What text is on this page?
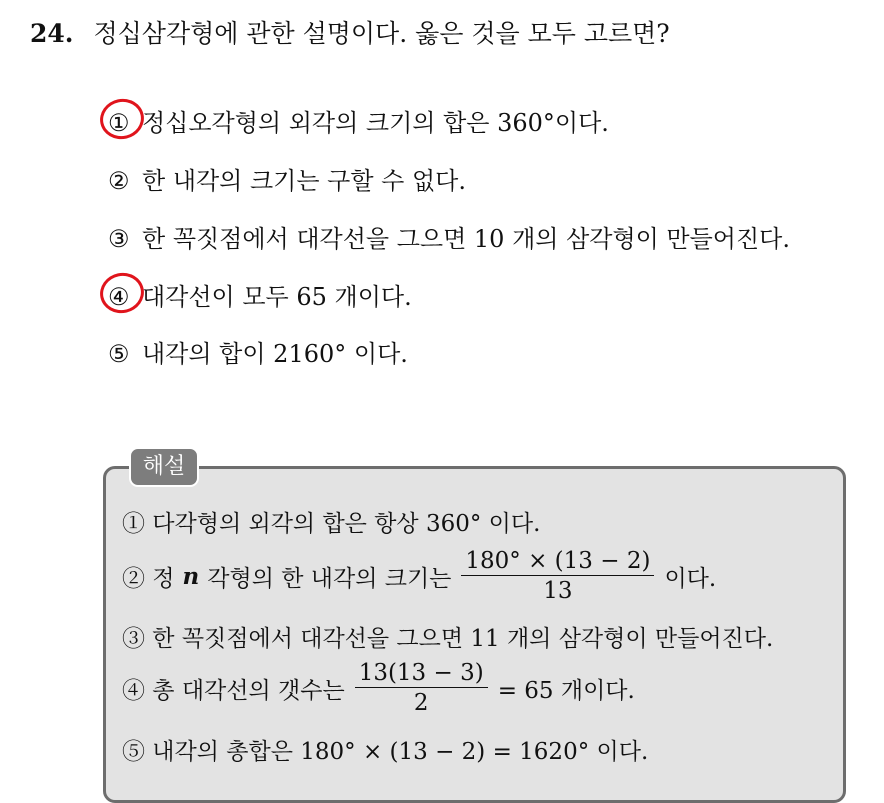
24. 정십삼각형에 관한 설명이다. 옳은 것을 모두 고르면?
① 정십오각형의 외각의 크기의 합은 360°이다.
② 한 내각의 크기는 구할 수 없다.
③ 한 꼭짓점에서 대각선을 그으면 10 개의 삼각형이 만들어진다.
④ 대각선이 모두 65 개이다.
⑤ 내각의 합이 2160° 이다.
해설
① 다각형의 외각의 합은 항상 360° 이다.
② 정 n 각형의 한 내각의 크기는 $\frac{180^\circ \times (13 - 2)}{13}$ 이다.
③ 한 꼭짓점에서 대각선을 그으면 11 개의 삼각형이 만들어진다.
④ 총 대각선의 갯수는 $\frac{13(13 - 3)}{2} = 65$ 개이다.
⑤ 내각의 총합은 180° × (13 − 2) = 1620° 이다.
